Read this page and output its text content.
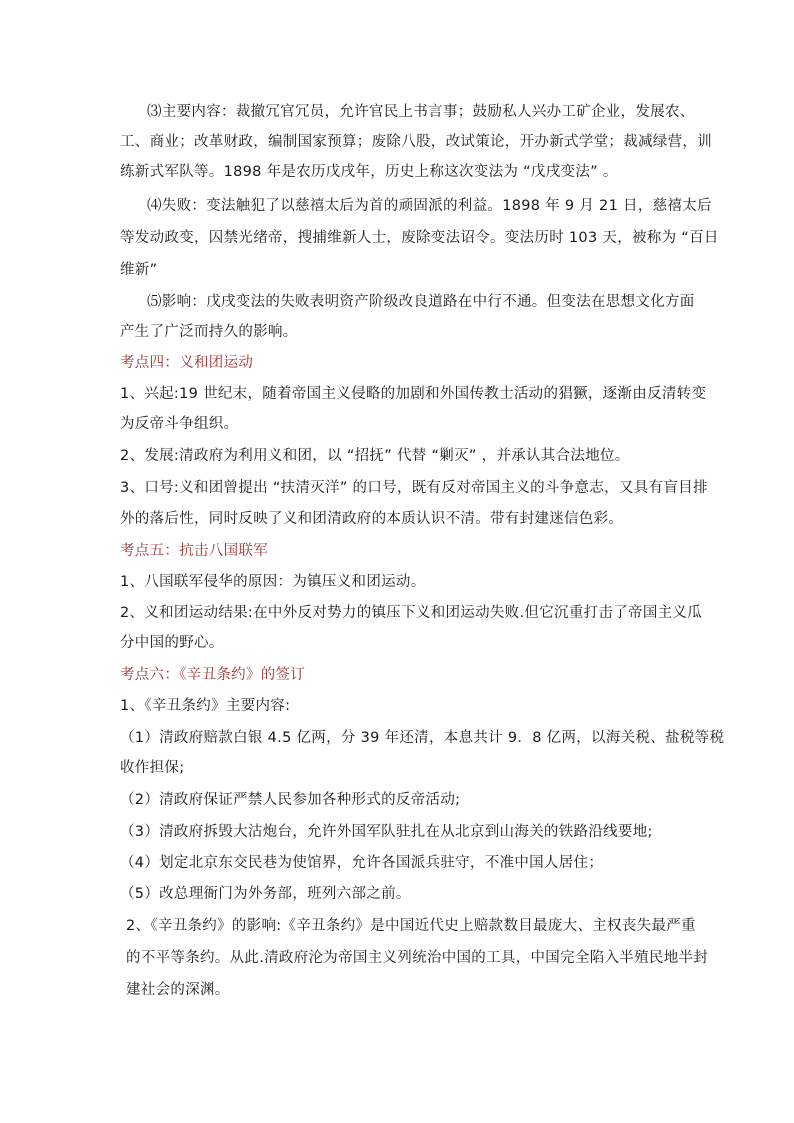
⑶主要内容：裁撤冗官冗员，允许官民上书言事；鼓励私人兴办工矿企业，发展农、
工、商业；改革财政，编制国家预算；废除八股，改试策论，开办新式学堂；裁减绿营，训
练新式军队等。1898 年是农历戊戌年，历史上称这次变法为 “戊戌变法” 。
⑷失败：变法触犯了以慈禧太后为首的顽固派的利益。1898 年 9 月 21 日，慈禧太后
等发动政变，囚禁光绪帝，搜捕维新人士，废除变法诏令。变法历时 103 天，被称为 “百日
维新”
⑸影响：戊戌变法的失败表明资产阶级改良道路在中行不通。但变法在思想文化方面
产生了广泛而持久的影响。
考点四：义和团运动
1、兴起:19 世纪末，随着帝国主义侵略的加剧和外国传教士活动的猖獗，逐渐由反清转变
为反帝斗争组织。
2、发展:清政府为利用义和团，以 “招抚” 代替 “剿灭” ，并承认其合法地位。
3、口号:义和团曾提出 “扶清灭洋” 的口号，既有反对帝国主义的斗争意志，又具有盲目排
外的落后性，同时反映了义和团清政府的本质认识不清。带有封建迷信色彩。
考点五：抗击八国联军
1、八国联军侵华的原因：为镇压义和团运动。
2、义和团运动结果:在中外反对势力的镇压下义和团运动失败.但它沉重打击了帝国主义瓜
分中国的野心。
考点六：《辛丑条约》的签订
1、《辛丑条约》主要内容:
（1）清政府赔款白银 4.5 亿两，分 39 年还清，本息共计 9．8 亿两，以海关税、盐税等税
收作担保;
（2）清政府保证严禁人民参加各种形式的反帝活动;
（3）清政府拆毁大沽炮台，允许外国军队驻扎在从北京到山海关的铁路沿线要地;
（4）划定北京东交民巷为使馆界，允许各国派兵驻守，不准中国人居住；
（5）改总理衙门为外务部，班列六部之前。
2、《辛丑条约》的影响:《辛丑条约》是中国近代史上赔款数目最庞大、主权丧失最严重
的不平等条约。从此.清政府沦为帝国主义列统治中国的工具，中国完全陷入半殖民地半封
建社会的深渊。
